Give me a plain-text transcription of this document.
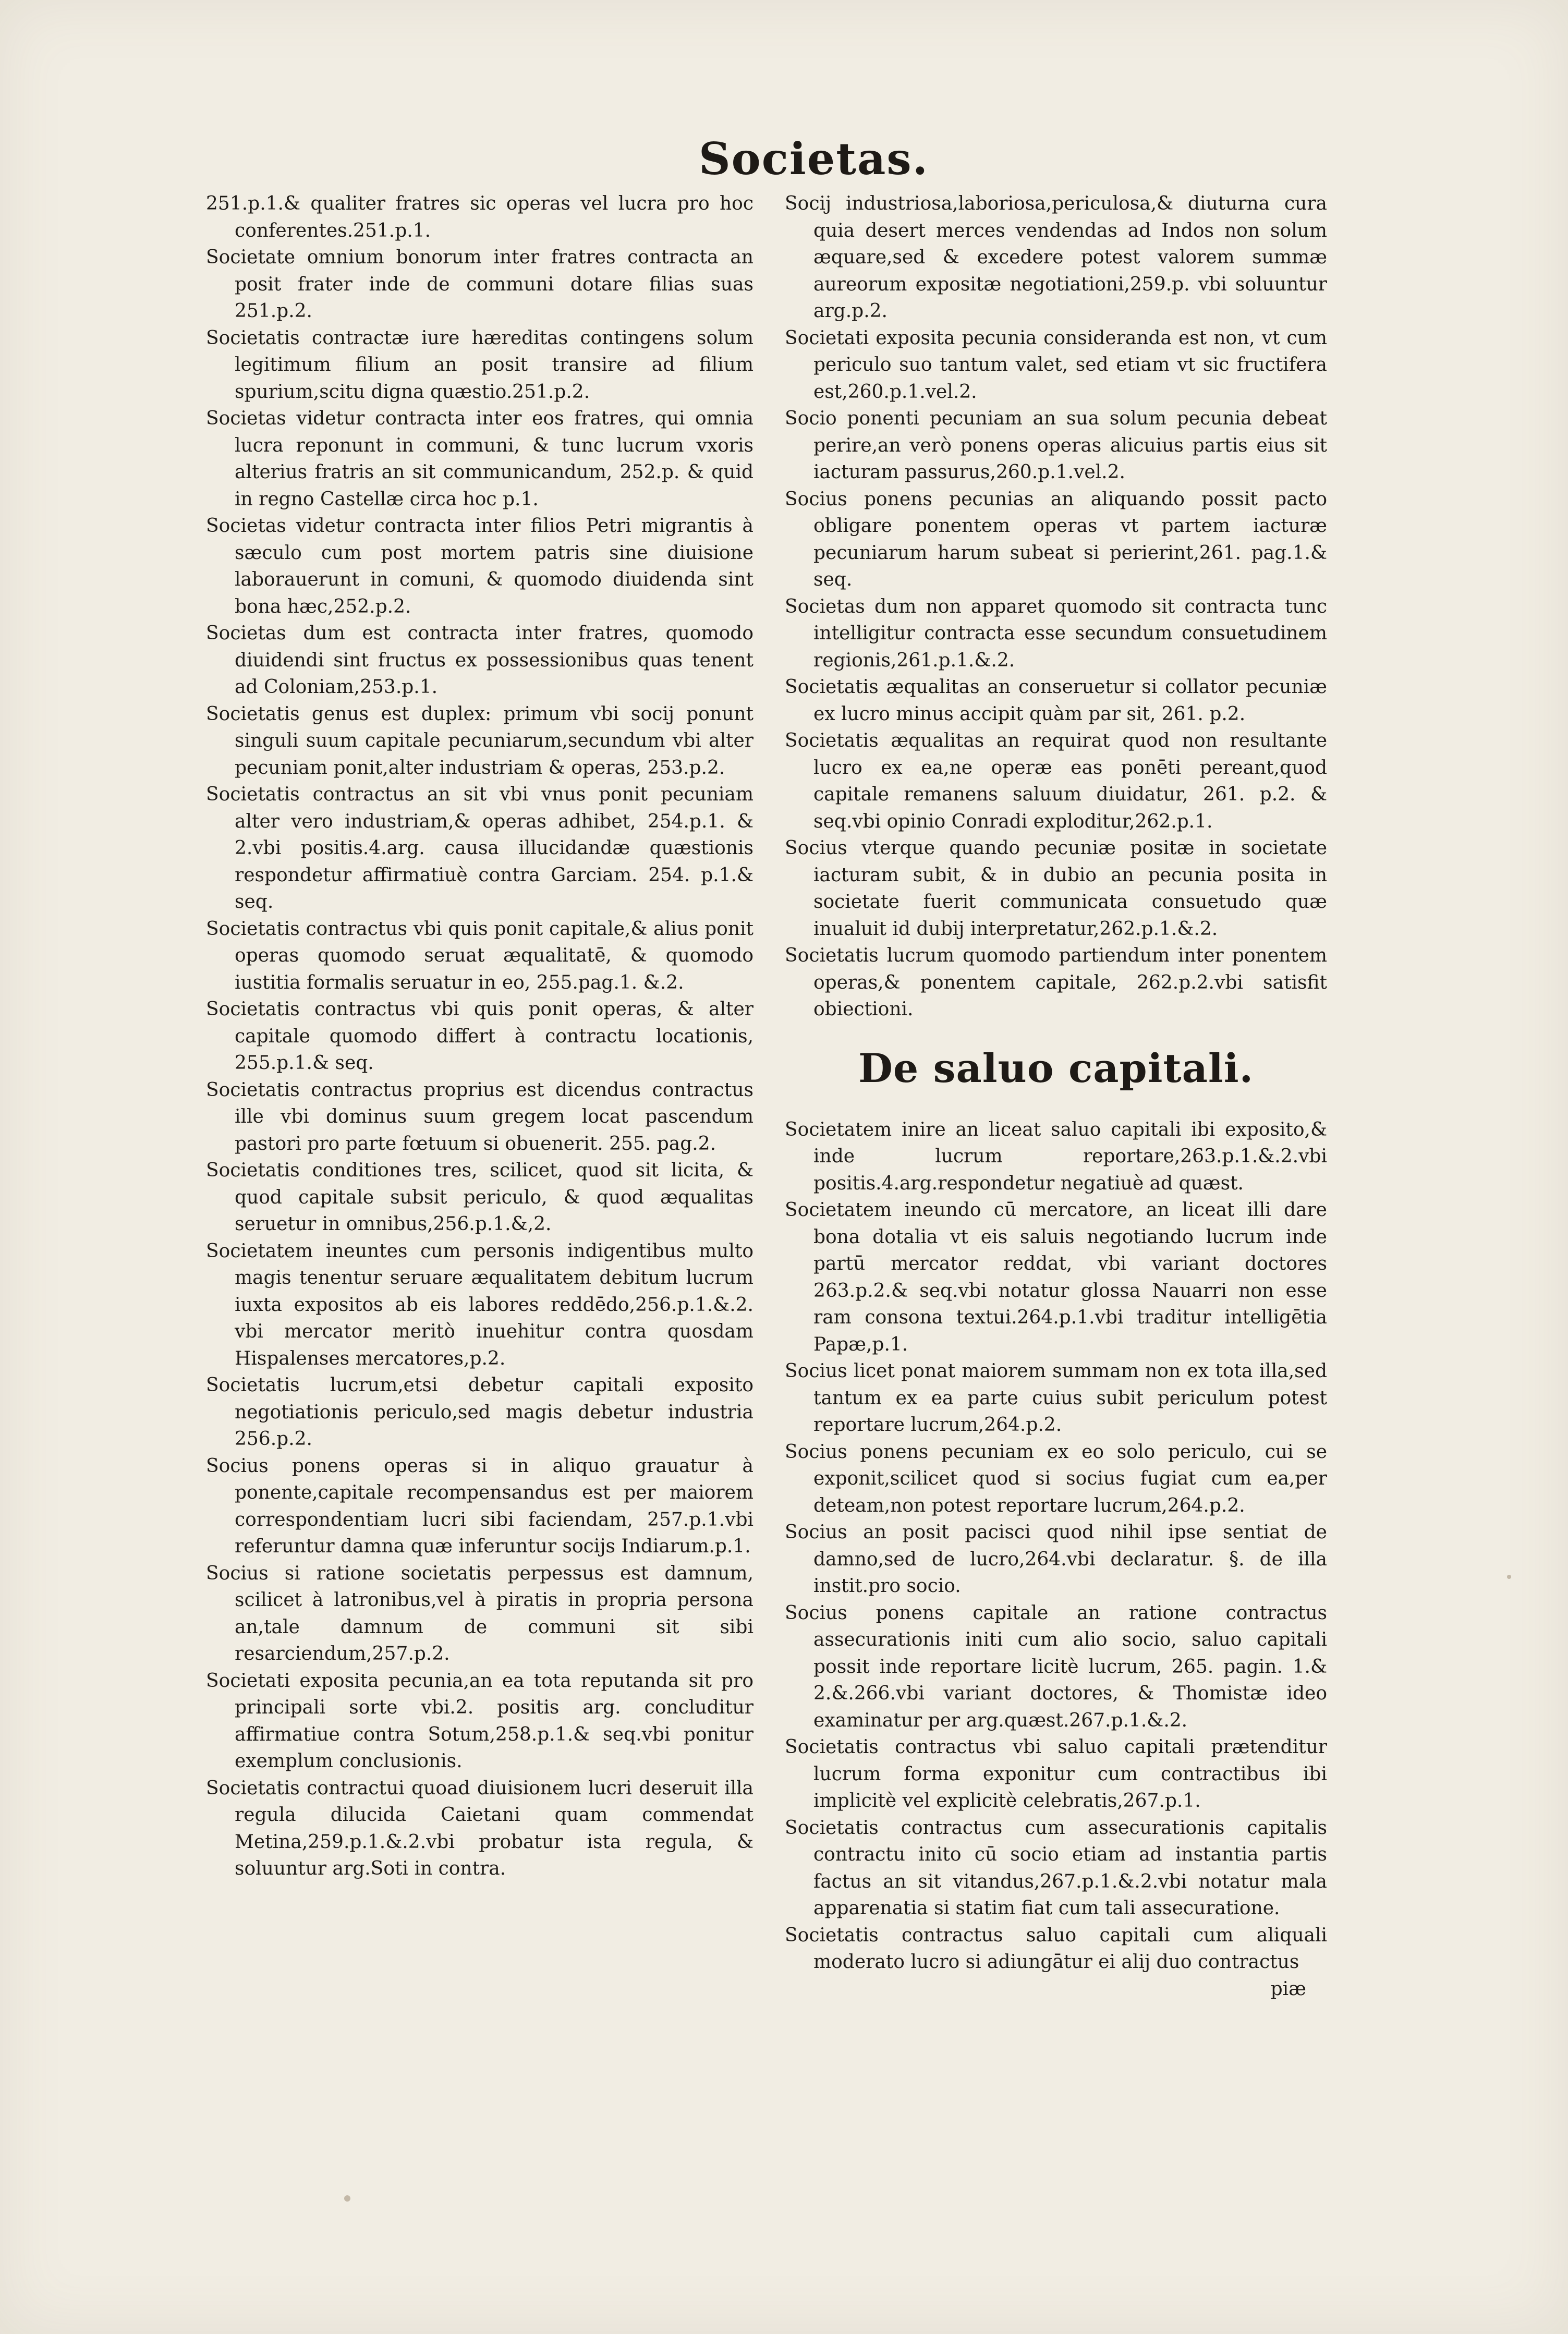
Societas.

251.p.1.& qualiter fratres sic operas vel lucra pro hoc conferentes.251.p.1.

Societate omnium bonorum inter fratres contracta an posit frater inde de communi dotare filias suas 251.p.2.

Societatis contractæ iure hæreditas contingens solum legitimum filium an posit transire ad filium spurium,scitu digna quæstio.251.p.2.

Societas videtur contracta inter eos fratres, qui omnia lucra reponunt in communi, & tunc lucrum vxoris alterius fratris an sit communicandum, 252.p. & quid in regno Castellæ circa hoc p.1.

Societas videtur contracta inter filios Petri migrantis à sæculo cum post mortem patris sine diuisione laborauerunt in comuni, & quomodo diuidenda sint bona hæc,252.p.2.

Societas dum est contracta inter fratres, quomodo diuidendi sint fructus ex possessionibus quas tenent ad Coloniam,253.p.1.

Societatis genus est duplex: primum vbi socij ponunt singuli suum capitale pecuniarum,secundum vbi alter pecuniam ponit,alter industriam & operas, 253.p.2.

Societatis contractus an sit vbi vnus ponit pecuniam alter vero industriam,& operas adhibet, 254.p.1. & 2.vbi positis.4.arg. causa illucidandæ quæstionis respondetur affirmatiuè contra Garciam. 254. p.1.& seq.

Societatis contractus vbi quis ponit capitale,& alius ponit operas quomodo seruat æqualitatē, & quomodo iustitia formalis seruatur in eo, 255.pag.1. &.2.

Societatis contractus vbi quis ponit operas, & alter capitale quomodo differt à contractu locationis, 255.p.1.& seq.

Societatis contractus proprius est dicendus contractus ille vbi dominus suum gregem locat pascendum pastori pro parte fœtuum si obuenerit. 255. pag.2.

Societatis conditiones tres, scilicet, quod sit licita, & quod capitale subsit periculo, & quod æqualitas seruetur in omnibus,256.p.1.&,2.

Societatem ineuntes cum personis indigentibus multo magis tenentur seruare æqualitatem debitum lucrum iuxta expositos ab eis labores reddēdo,256.p.1.&.2. vbi mercator meritò inuehitur contra quosdam Hispalenses mercatores,p.2.

Societatis lucrum,etsi debetur capitali exposito negotiationis periculo,sed magis debetur industria 256.p.2.

Socius ponens operas si in aliquo grauatur à ponente,capitale recompensandus est per maiorem correspondentiam lucri sibi faciendam, 257.p.1.vbi referuntur damna quæ inferuntur socijs Indiarum.p.1.

Socius si ratione societatis perpessus est damnum, scilicet à latronibus,vel à piratis in propria persona an,tale damnum de communi sit sibi resarciendum,257.p.2.

Societati exposita pecunia,an ea tota reputanda sit pro principali sorte vbi.2. positis arg. concluditur affirmatiue contra Sotum,258.p.1.& seq.vbi ponitur exemplum conclusionis.

Societatis contractui quoad diuisionem lucri deseruit illa regula dilucida Caietani quam commendat Metina,259.p.1.&.2.vbi probatur ista regula, & soluuntur arg.Soti in contra.

Socij industriosa,laboriosa,periculosa,& diuturna cura quia desert merces vendendas ad Indos non solum æquare,sed & excedere potest valorem summæ aureorum expositæ negotiationi,259.p. vbi soluuntur arg.p.2.

Societati exposita pecunia consideranda est non, vt cum periculo suo tantum valet, sed etiam vt sic fructifera est,260.p.1.vel.2.

Socio ponenti pecuniam an sua solum pecunia debeat perire,an verò ponens operas alicuius partis eius sit iacturam passurus,260.p.1.vel.2.

Socius ponens pecunias an aliquando possit pacto obligare ponentem operas vt partem iacturæ pecuniarum harum subeat si perierint,261. pag.1.& seq.

Societas dum non apparet quomodo sit contracta tunc intelligitur contracta esse secundum consuetudinem regionis,261.p.1.&.2.

Societatis æqualitas an conseruetur si collator pecuniæ ex lucro minus accipit quàm par sit, 261. p.2.

Societatis æqualitas an requirat quod non resultante lucro ex ea,ne operæ eas ponēti pereant,quod capitale remanens saluum diuidatur, 261. p.2. & seq.vbi opinio Conradi exploditur,262.p.1.

Socius vterque quando pecuniæ positæ in societate iacturam subit, & in dubio an pecunia posita in societate fuerit communicata consuetudo quæ inualuit id dubij interpretatur,262.p.1.&.2.

Societatis lucrum quomodo partiendum inter ponentem operas,& ponentem capitale, 262.p.2.vbi satisfit obiectioni.

De saluo capitali.

Societatem inire an liceat saluo capitali ibi exposito,& inde lucrum reportare,263.p.1.&.2.vbi positis.4.arg.respondetur negatiuè ad quæst.

Societatem ineundo cū mercatore, an liceat illi dare bona dotalia vt eis saluis negotiando lucrum inde partū mercator reddat, vbi variant doctores 263.p.2.& seq.vbi notatur glossa Nauarri non esse ram consona textui.264.p.1.vbi traditur intelligētia Papæ,p.1.

Socius licet ponat maiorem summam non ex tota illa,sed tantum ex ea parte cuius subit periculum potest reportare lucrum,264.p.2.

Socius ponens pecuniam ex eo solo periculo, cui se exponit,scilicet quod si socius fugiat cum ea,per deteam,non potest reportare lucrum,264.p.2.

Socius an posit pacisci quod nihil ipse sentiat de damno,sed de lucro,264.vbi declaratur. §. de illa instit.pro socio.

Socius ponens capitale an ratione contractus assecurationis initi cum alio socio, saluo capitali possit inde reportare licitè lucrum, 265. pagin. 1.& 2.&.266.vbi variant doctores, & Thomistæ ideo examinatur per arg.quæst.267.p.1.&.2.

Societatis contractus vbi saluo capitali prætenditur lucrum forma exponitur cum contractibus ibi implicitè vel explicitè celebratis,267.p.1.

Societatis contractus cum assecurationis capitalis contractu inito cū socio etiam ad instantia partis factus an sit vitandus,267.p.1.&.2.vbi notatur mala apparenatia si statim fiat cum tali assecuratione.

Societatis contractus saluo capitali cum aliquali moderato lucro si adiungātur ei alij duo contractus

piæ
